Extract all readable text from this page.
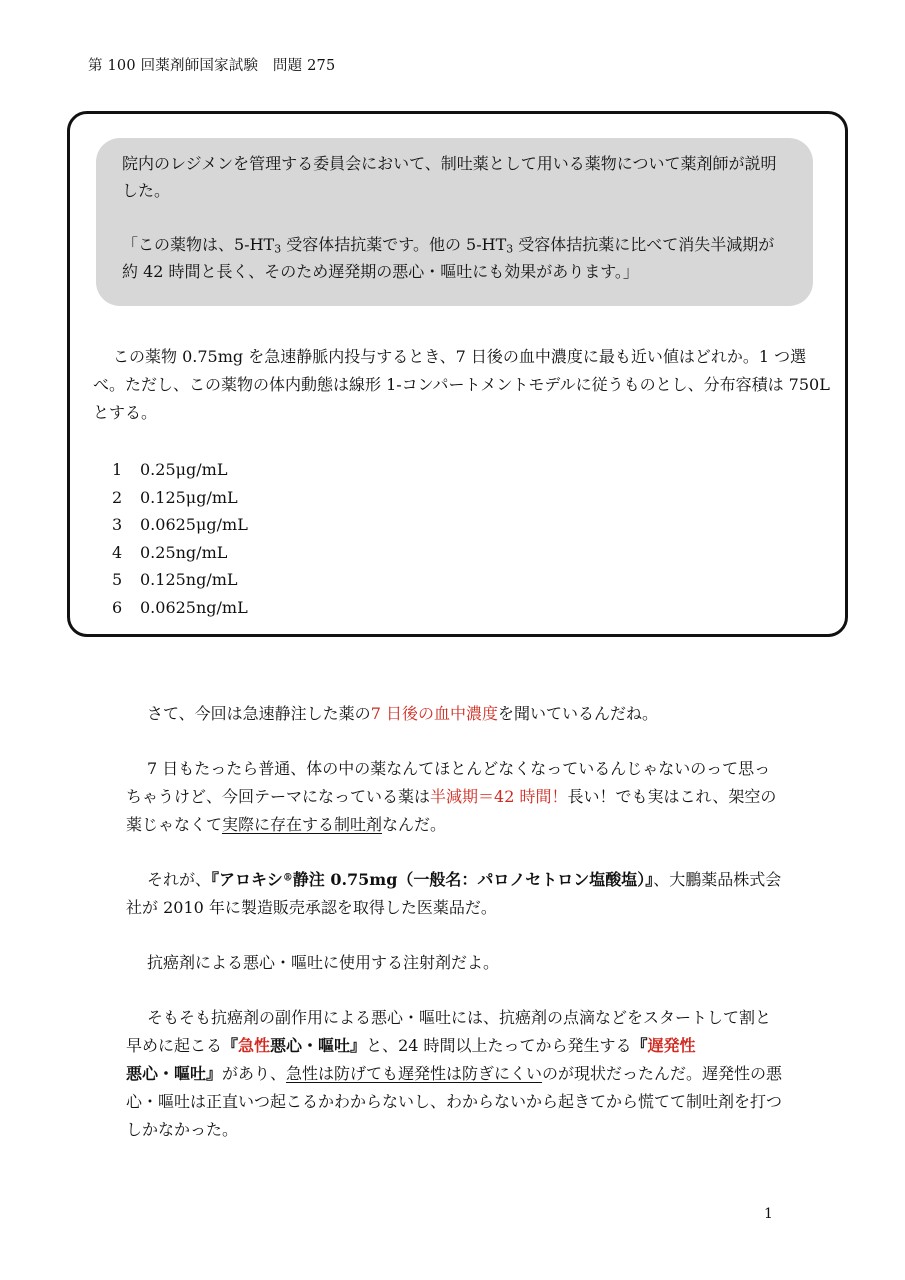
第 100 回薬剤師国家試験　問題 275

院内のレジメンを管理する委員会において、制吐薬として用いる薬物について薬剤師が説明した。

「この薬物は、$5‐HT_3$ 受容体拮抗薬です。他の $5‐HT_3$ 受容体拮抗薬に比べて消失半減期が約 42 時間と長く、そのため遅発期の悪心・嘔吐にも効果があります。」

この薬物 0.75mg を急速静脈内投与するとき、7 日後の血中濃度に最も近い値はどれか。1 つ選べ。ただし、この薬物の体内動態は線形 1‐コンパートメントモデルに従うものとし、分布容積は 750L とする。

1	0.25μg/mL
2	0.125μg/mL
3	0.0625μg/mL
4	0.25ng/mL
5	0.125ng/mL
6	0.0625ng/mL

さて、今回は急速静注した薬の7 日後の血中濃度を聞いているんだね。

7 日もたったら普通、体の中の薬なんてほとんどなくなっているんじゃないのって思っちゃうけど、今回テーマになっている薬は半減期＝42 時間！長い！でも実はこれ、架空の薬じゃなくて実際に存在する制吐剤なんだ。

それが、『アロキシ®静注 0.75mg（一般名：パロノセトロン塩酸塩）』、大鵬薬品株式会社が 2010 年に製造販売承認を取得した医薬品だ。

抗癌剤による悪心・嘔吐に使用する注射剤だよ。

そもそも抗癌剤の副作用による悪心・嘔吐には、抗癌剤の点滴などをスタートして割と早めに起こる『急性悪心・嘔吐』と、24 時間以上たってから発生する『遅発性悪心・嘔吐』があり、急性は防げても遅発性は防ぎにくいのが現状だったんだ。遅発性の悪心・嘔吐は正直いつ起こるかわからないし、わからないから起きてから慌てて制吐剤を打つしかなかった。

1
